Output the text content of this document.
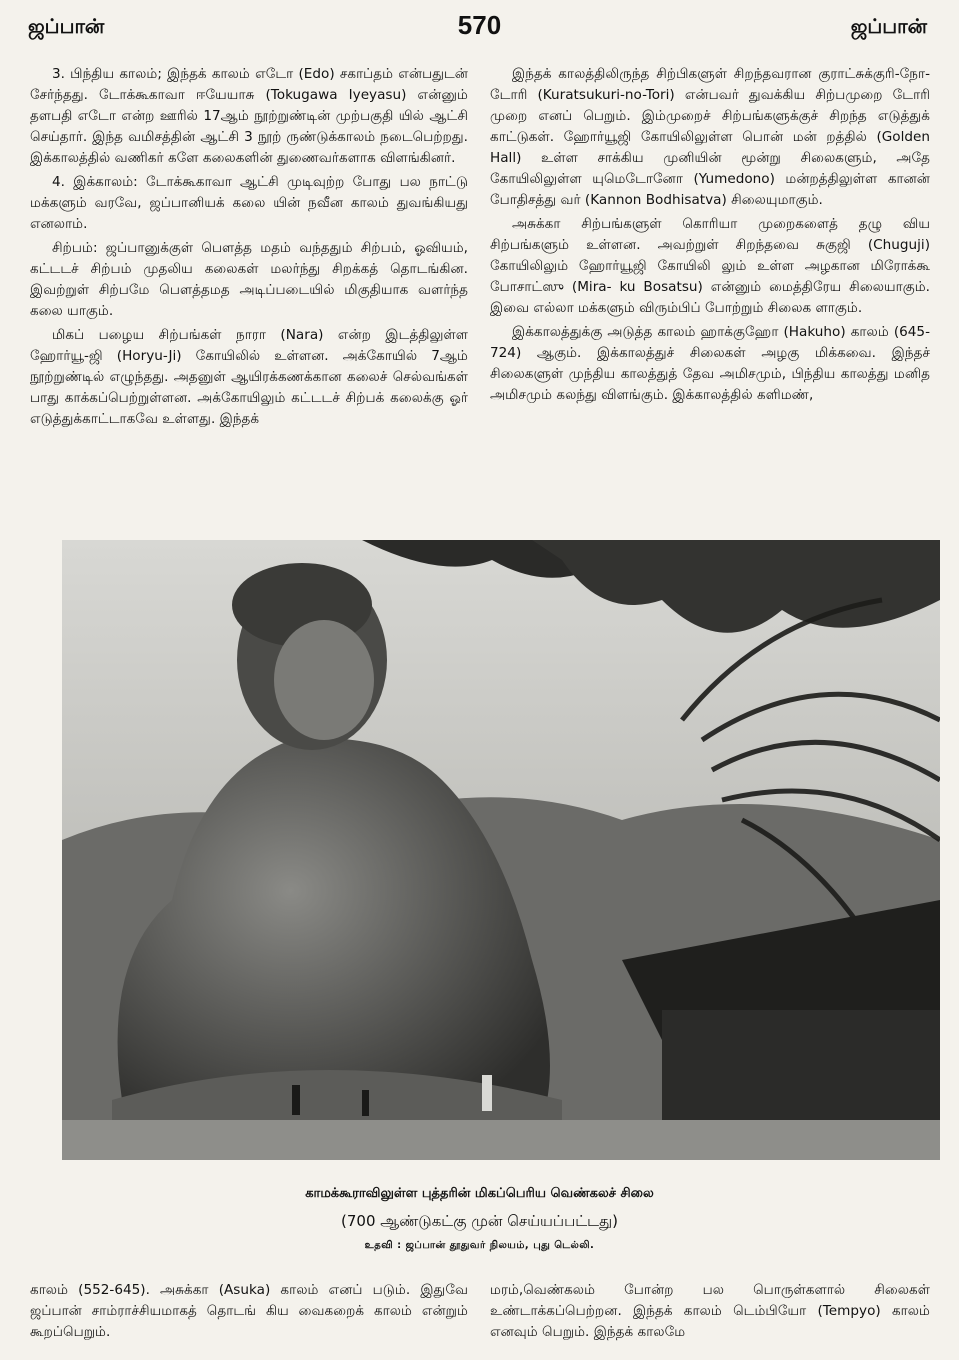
ஜப்பான்	570	ஜப்பான்

3. பிந்திய காலம்; இந்தக் காலம் எடோ (Edo) சகாப்தம் என்பதுடன் சேர்ந்தது. டோக்கூகாவா ஈயேயாசு (Tokugawa Iyeyasu) என்னும் தளபதி எடோ என்ற ஊரில் 17ஆம் நூற்றுண்டின் முற்பகுதி யில் ஆட்சி செய்தார். இந்த வமிசத்தின் ஆட்சி 3 நூற் ருண்டுக்காலம் நடைபெற்றது. இக்காலத்தில் வணிகர் களே கலைகளின் துணைவர்களாக விளங்கினர்.

4. இக்காலம்: டோக்கூகாவா ஆட்சி முடிவுற்ற போது பல நாட்டு மக்களும் வரவே, ஜப்பானியக் கலை யின் நவீன காலம் துவங்கியது எனலாம்.

சிற்பம்: ஜப்பானுக்குள் பௌத்த மதம் வந்ததும் சிற்பம், ஓவியம், கட்டடச் சிற்பம் முதலிய கலைகள் மலர்ந்து சிறக்கத் தொடங்கின. இவற்றுள் சிற்பமே பௌத்தமத அடிப்படையில் மிகுதியாக வளர்ந்த கலை யாகும்.

மிகப் பழைய சிற்பங்கள் நாரா (Nara) என்ற இடத்திலுள்ள ஹோர்யூ-ஜி (Horyu-Ji) கோயிலில் உள்ளன. அக்கோயில் 7ஆம் நூற்றுண்டில் எழுந்தது. அதனுள் ஆயிரக்கணக்கான கலைச் செல்வங்கள் பாது காக்கப்பெற்றுள்ளன. அக்கோயிலும் கட்டடச் சிற்பக் கலைக்கு ஓர் எடுத்துக்காட்டாகவே உள்ளது. இந்தக்

இந்தக் காலத்திலிருந்த சிற்பிகளுள் சிறந்தவரான குராட்சுக்குரி-நோ-டோரி (Kuratsukuri-no-Tori) என்பவர் துவக்கிய சிற்பமுறை டோரி முறை எனப் பெறும். இம்முறைச் சிற்பங்களுக்குச் சிறந்த எடுத்துக் காட்டுகள். ஹோர்யூஜி கோயிலிலுள்ள பொன் மன் றத்தில் (Golden Hall) உள்ள சாக்கிய முனியின் மூன்று சிலைகளும், அதே கோயிலிலுள்ள யுமெடோனோ (Yumedono) மன்றத்திலுள்ள கானன் போதிசத்து வர் (Kannon Bodhisatva) சிலையுமாகும்.

அசுக்கா சிற்பங்களுள் கொரியா முறைகளைத் தழு விய சிற்பங்களும் உள்ளன. அவற்றுள் சிறந்தவை சுகுஜி (Chuguji) கோயிலிலும் ஹோர்யூஜி கோயிலி லும் உள்ள அழகான மிரோக்கூ போசாட்ஸு (Mira- ku Bosatsu) என்னும் மைத்திரேய சிலையாகும். இவை எல்லா மக்களும் விரும்பிப் போற்றும் சிலைக ளாகும்.

இக்காலத்துக்கு அடுத்த காலம் ஹாக்குஹோ (Hakuho) காலம் (645-724) ஆகும். இக்காலத்துச் சிலைகள் அழகு மிக்கவை. இந்தச் சிலைகளுள் முந்திய காலத்துத் தேவ அமிசமும், பிந்திய காலத்து மனித அமிசமும் கலந்து விளங்கும். இக்காலத்தில் களிமண்,

காமக்கூராவிலுள்ள புத்தரின் மிகப்பெரிய வெண்கலச் சிலை
(700 ஆண்டுகட்கு முன் செய்யப்பட்டது)
உதவி : ஜப்பான் தூதுவர் நிலயம், புது டெல்லி.

காலம் (552-645). அசுக்கா (Asuka) காலம் எனப் படும். இதுவே ஜப்பான் சாம்ராச்சியமாகத் தொடங் கிய வைகறைக் காலம் என்றும் கூறப்பெறும்.

மரம்,வெண்கலம் போன்ற பல பொருள்களால் சிலைகள் உண்டாக்கப்பெற்றன. இந்தக் காலம் டெம்பியோ (Tempyo) காலம் எனவும் பெறும். இந்தக் காலமே
